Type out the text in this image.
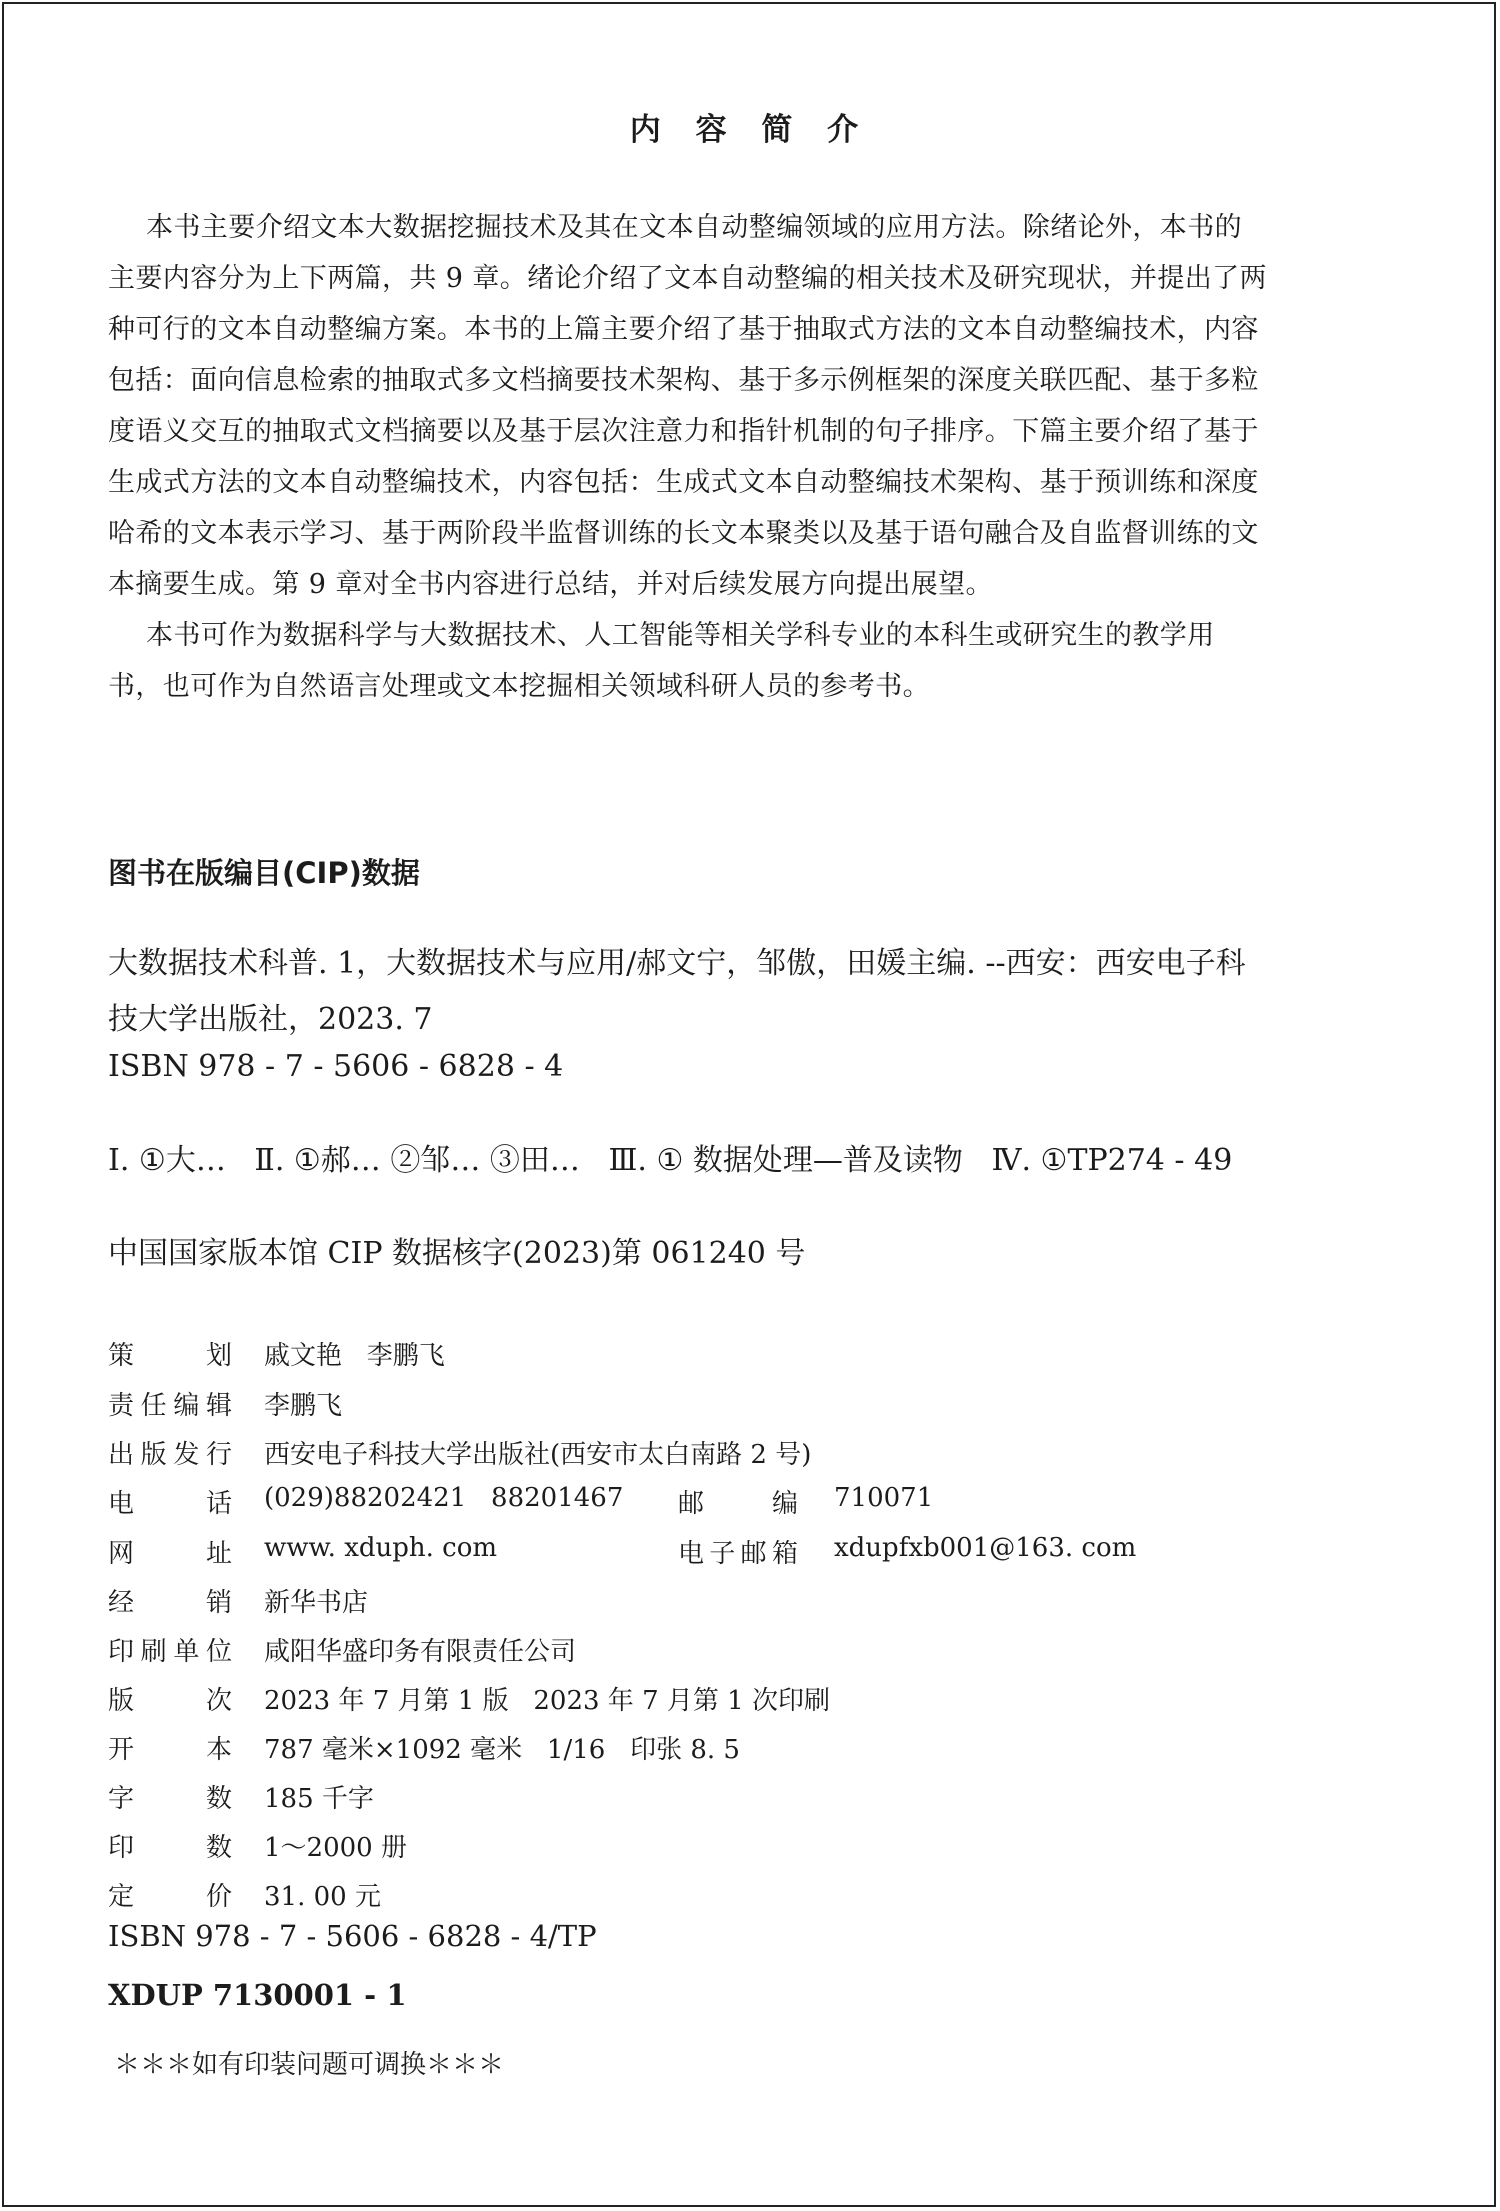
内 容 简 介
本书主要介绍文本大数据挖掘技术及其在文本自动整编领域的应用方法。除绪论外，本书的
主要内容分为上下两篇，共 9 章。绪论介绍了文本自动整编的相关技术及研究现状，并提出了两
种可行的文本自动整编方案。本书的上篇主要介绍了基于抽取式方法的文本自动整编技术，内容
包括：面向信息检索的抽取式多文档摘要技术架构、基于多示例框架的深度关联匹配、基于多粒
度语义交互的抽取式文档摘要以及基于层次注意力和指针机制的句子排序。下篇主要介绍了基于
生成式方法的文本自动整编技术，内容包括：生成式文本自动整编技术架构、基于预训练和深度
哈希的文本表示学习、基于两阶段半监督训练的长文本聚类以及基于语句融合及自监督训练的文
本摘要生成。第 9 章对全书内容进行总结，并对后续发展方向提出展望。
本书可作为数据科学与大数据技术、人工智能等相关学科专业的本科生或研究生的教学用
书，也可作为自然语言处理或文本挖掘相关领域科研人员的参考书。
图书在版编目(CIP)数据
大数据技术科普. 1，大数据技术与应用/郝文宁，邹傲，田媛主编. --西安：西安电子科
技大学出版社，2023. 7
ISBN 978 - 7 - 5606 - 6828 - 4
Ⅰ. ①大…   Ⅱ. ①郝… ②邹… ③田…   Ⅲ. ① 数据处理—普及读物   Ⅳ. ①TP274 - 49
中国国家版本馆 CIP 数据核字(2023)第 061240 号
策划 戚文艳   李鹏飞
责任编辑 李鹏飞
出版发行 西安电子科技大学出版社(西安市太白南路 2 号)
电话 (029)88202421   88201467 邮编 710071
网址 www. xduph. com	电子邮箱 xdupfxb001@163. com
经销 新华书店
印刷单位 咸阳华盛印务有限责任公司
版次 2023 年 7 月第 1 版   2023 年 7 月第 1 次印刷
开本 787 毫米×1092 毫米   1/16   印张 8. 5
字数 185 千字
印数 1～2000 册
定价 31. 00 元
ISBN 978 - 7 - 5606 - 6828 - 4/TP
XDUP 7130001 - 1
＊＊＊如有印装问题可调换＊＊＊
